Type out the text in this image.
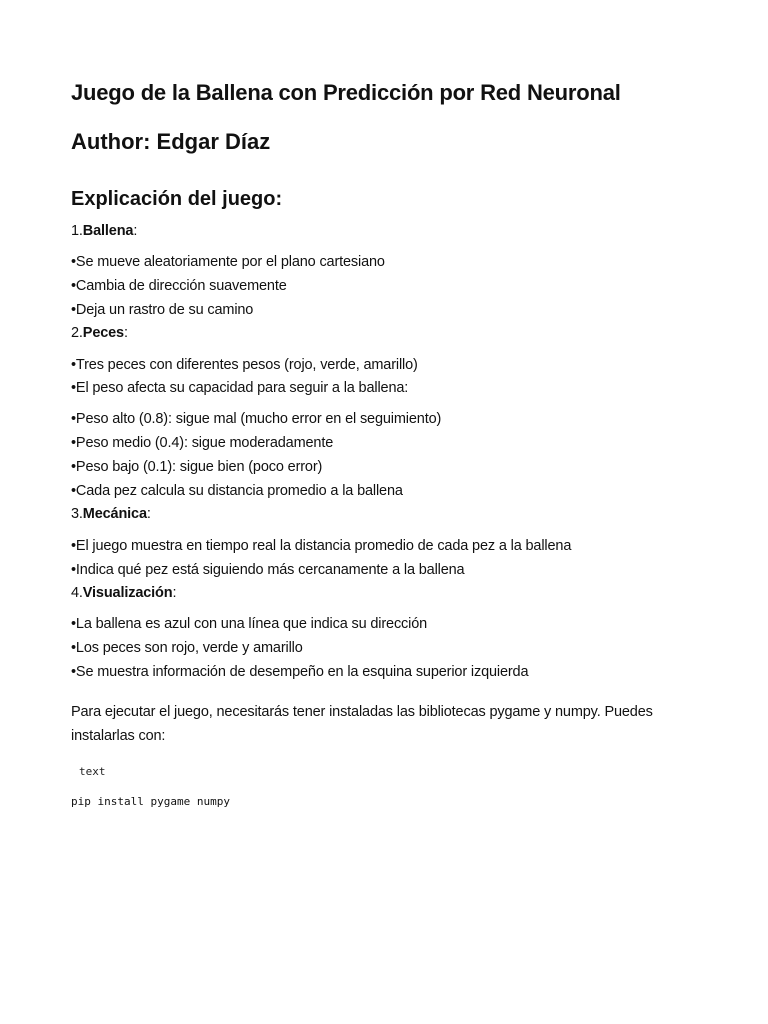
Juego de la Ballena con Predicción por Red Neuronal
Author: Edgar Díaz
Explicación del juego:

1.Ballena:

•Se mueve aleatoriamente por el plano cartesiano

•Cambia de dirección suavemente

•Deja un rastro de su camino

2.Peces:

•Tres peces con diferentes pesos (rojo, verde, amarillo)

•El peso afecta su capacidad para seguir a la ballena:

•Peso alto (0.8): sigue mal (mucho error en el seguimiento)

•Peso medio (0.4): sigue moderadamente

•Peso bajo (0.1): sigue bien (poco error)

•Cada pez calcula su distancia promedio a la ballena

3.Mecánica:

•El juego muestra en tiempo real la distancia promedio de cada pez a la ballena

•Indica qué pez está siguiendo más cercanamente a la ballena

4.Visualización:

•La ballena es azul con una línea que indica su dirección

•Los peces son rojo, verde y amarillo

•Se muestra información de desempeño en la esquina superior izquierda

Para ejecutar el juego, necesitarás tener instaladas las bibliotecas pygame y numpy. Puedes instalarlas con:

text
pip install pygame numpy
